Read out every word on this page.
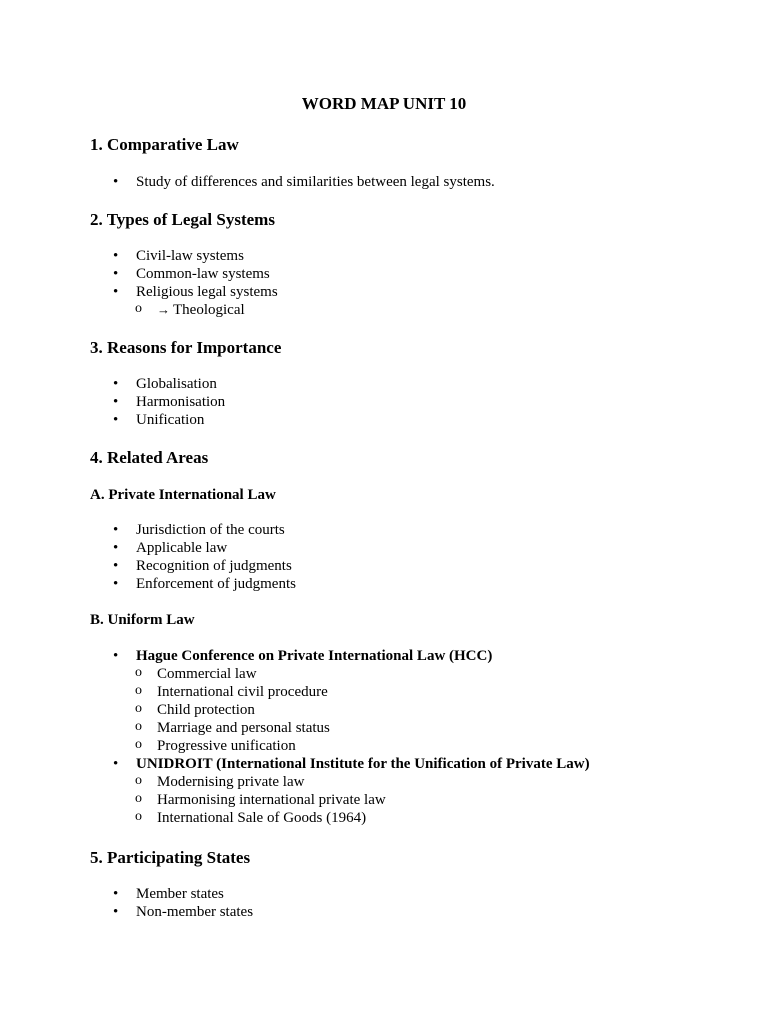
WORD MAP UNIT 10
1. Comparative Law
•	Study of differences and similarities between legal systems.
2. Types of Legal Systems
•	Civil-law systems
•	Common-law systems
•	Religious legal systems
o → Theological
3. Reasons for Importance
•	Globalisation
•	Harmonisation
•	Unification
4. Related Areas
A. Private International Law
•	Jurisdiction of the courts
•	Applicable law
•	Recognition of judgments
•	Enforcement of judgments
B. Uniform Law
•	Hague Conference on Private International Law (HCC)
o Commercial law
o International civil procedure
o Child protection
o Marriage and personal status
o Progressive unification
•	UNIDROIT (International Institute for the Unification of Private Law)
o Modernising private law
o Harmonising international private law
o International Sale of Goods (1964)
5. Participating States
•	Member states
•	Non-member states
